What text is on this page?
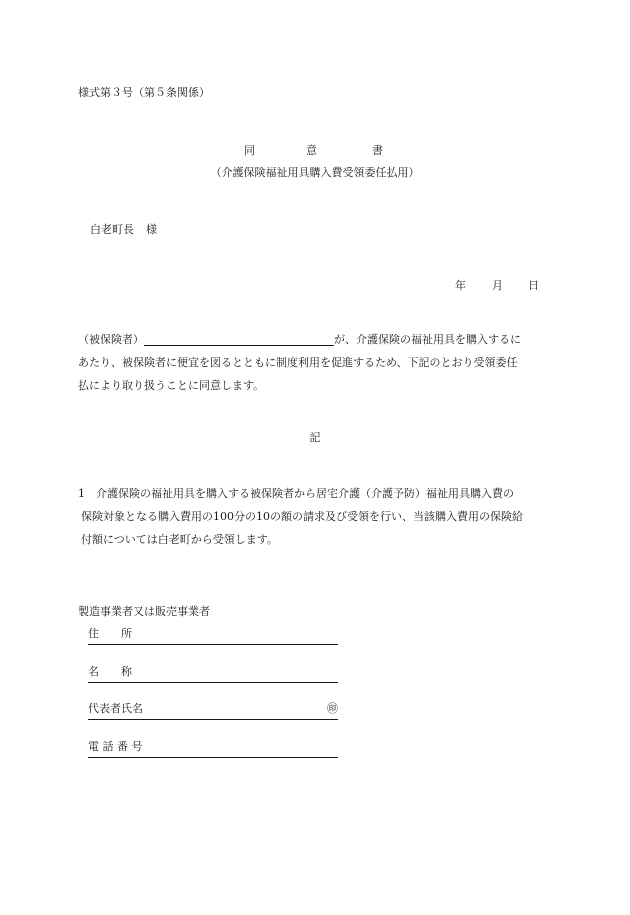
様式第３号（第５条関係）
同	意	書
（介護保険福祉用具購入費受領委任払用）
白老町長 様
年 月 日
（被保険者）	が、介護保険の福祉用具を購入するに
あたり、被保険者に便宜を図るとともに制度利用を促進するため、下記のとおり受領委任
払により取り扱うことに同意します。
記
1　介護保険の福祉用具を購入する被保険者から居宅介護（介護予防）福祉用具購入費の
保険対象となる購入費用の100分の10の額の請求及び受領を行い、当該購入費用の保険給
付額については白老町から受領します。
製造事業者又は販売事業者
住　　所
名　　称
代表者氏名	㊞
電 話 番 号
